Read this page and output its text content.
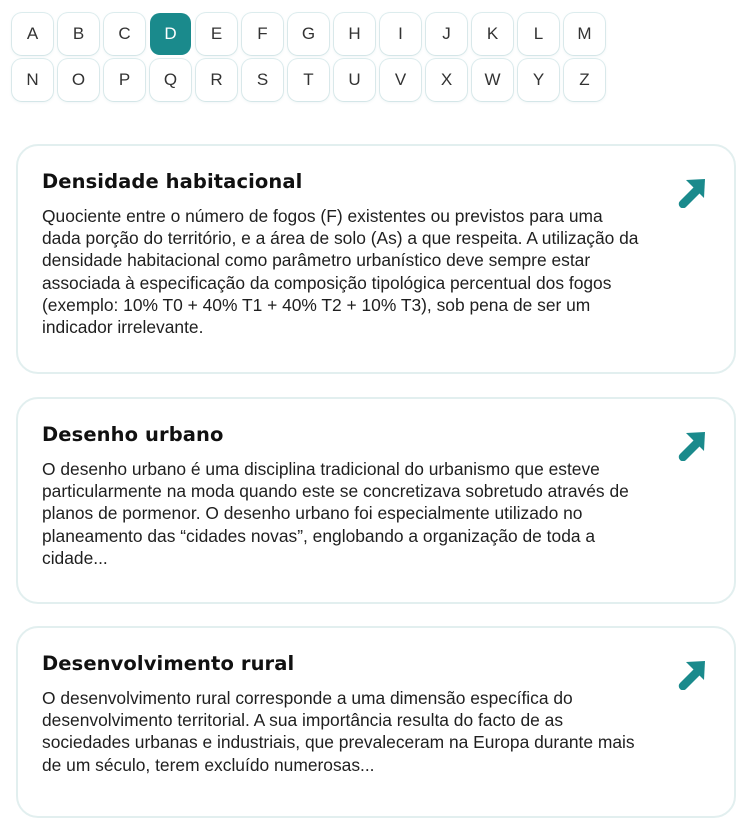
A	B	C	D	E	F	G	H	I	J	K	L	M
N	O	P	Q	R	S	T	U	V	X	W	Y	Z
Densidade habitacional

Quociente entre o número de fogos (F) existentes ou previstos para uma dada porção do território, e a área de solo (As) a que respeita. A utilização da densidade habitacional como parâmetro urbanístico deve sempre estar associada à especificação da composição tipológica percentual dos fogos (exemplo: 10% T0 + 40% T1 + 40% T2 + 10% T3), sob pena de ser um indicador irrelevante.

Desenho urbano

O desenho urbano é uma disciplina tradicional do urbanismo que esteve particularmente na moda quando este se concretizava sobretudo através de planos de pormenor. O desenho urbano foi especialmente utilizado no planeamento das “cidades novas”, englobando a organização de toda a cidade...

Desenvolvimento rural

O desenvolvimento rural corresponde a uma dimensão específica do desenvolvimento territorial. A sua importância resulta do facto de as sociedades urbanas e industriais, que prevaleceram na Europa durante mais de um século, terem excluído numerosas...
